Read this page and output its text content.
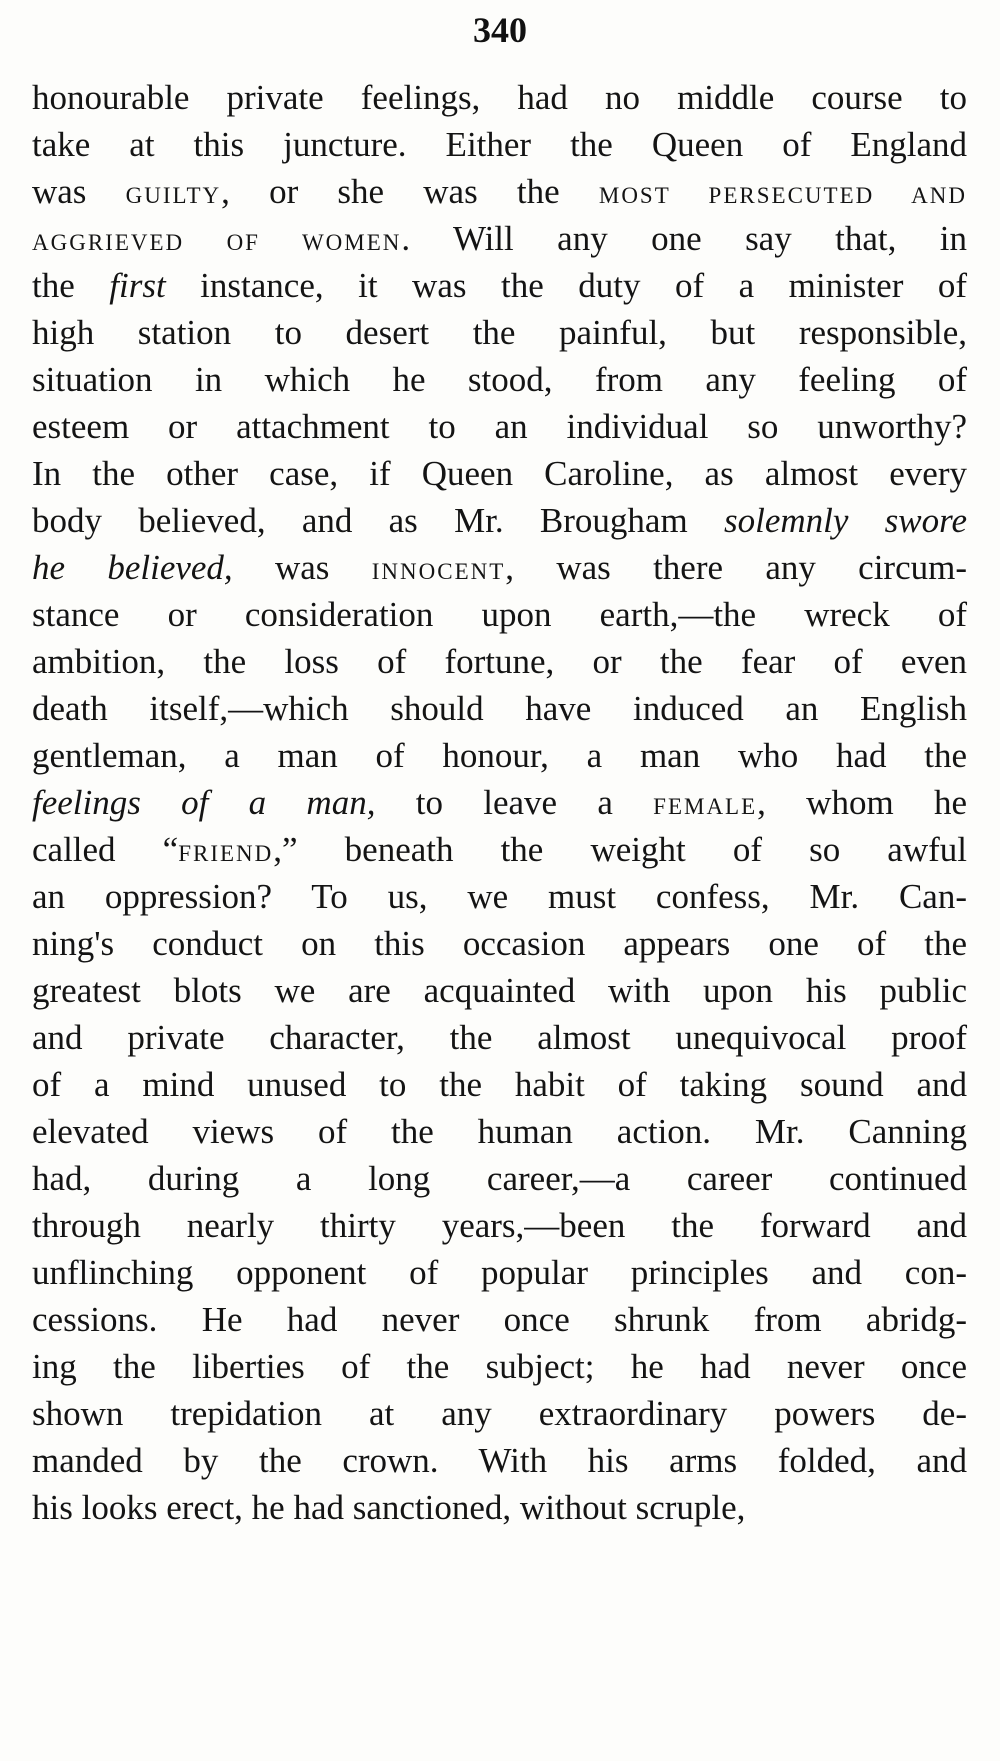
340
honourable private feelings, had no middle course to
take at this juncture. Either the Queen of England
was GUILTY, or she was the MOST PERSECUTED AND
AGGRIEVED OF WOMEN. Will any one say that, in
the first instance, it was the duty of a minister of
high station to desert the painful, but responsible,
situation in which he stood, from any feeling of
esteem or attachment to an individual so unworthy?
In the other case, if Queen Caroline, as almost every
body believed, and as Mr. Brougham solemnly swore
he believed, was INNOCENT, was there any circum-
stance or consideration upon earth,—the wreck of
ambition, the loss of fortune, or the fear of even
death itself,—which should have induced an English
gentleman, a man of honour, a man who had the
feelings of a man, to leave a FEMALE, whom he
called “FRIEND,” beneath the weight of so awful
an oppression? To us, we must confess, Mr. Can-
ning's conduct on this occasion appears one of the
greatest blots we are acquainted with upon his public
and private character, the almost unequivocal proof
of a mind unused to the habit of taking sound and
elevated views of the human action. Mr. Canning
had, during a long career,—a career continued
through nearly thirty years,—been the forward and
unflinching opponent of popular principles and con-
cessions. He had never once shrunk from abridg-
ing the liberties of the subject; he had never once
shown trepidation at any extraordinary powers de-
manded by the crown. With his arms folded, and
his looks erect, he had sanctioned, without scruple,
